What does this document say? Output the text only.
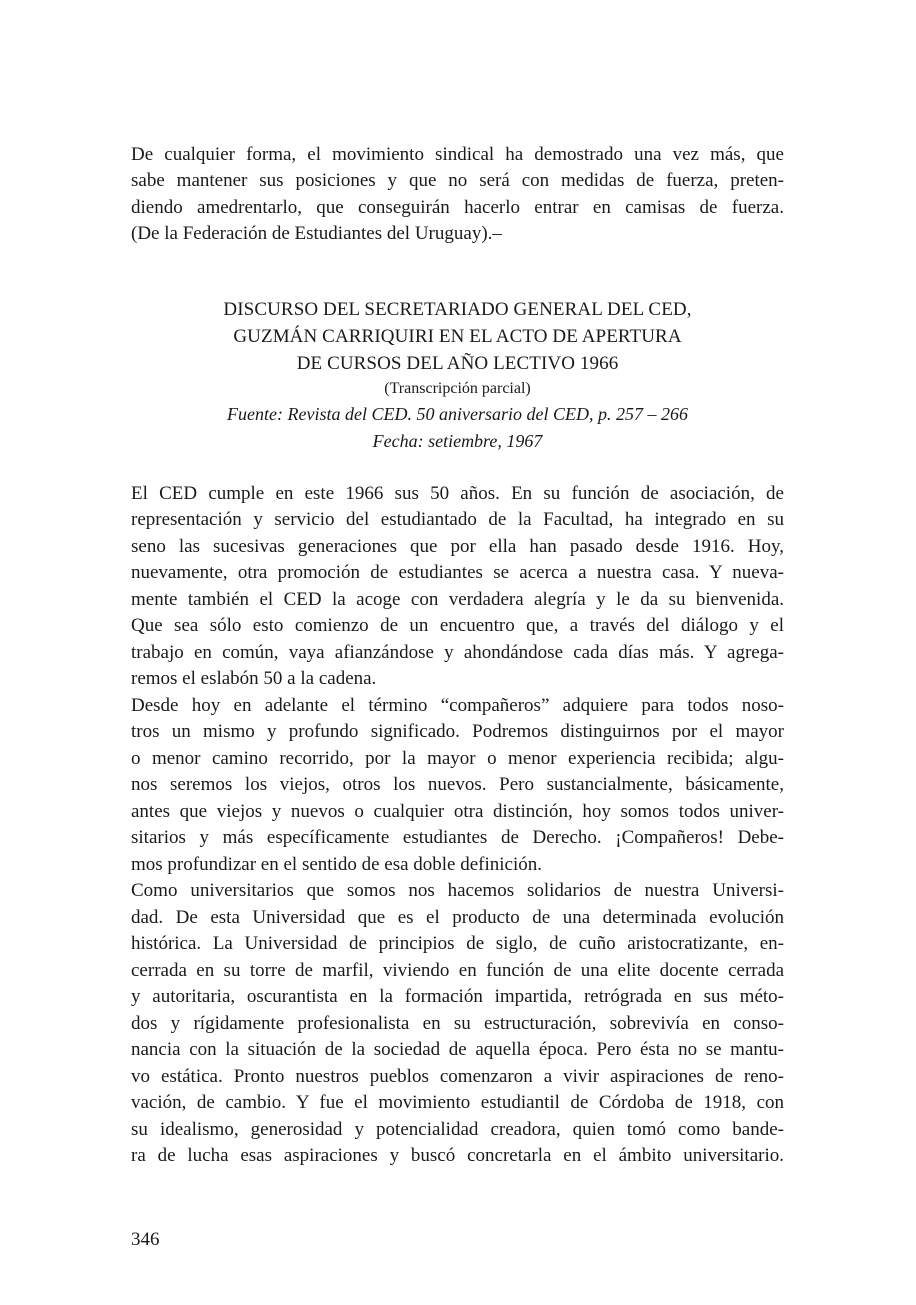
De cualquier forma, el movimiento sindical ha demostrado una vez más, que
sabe mantener sus posiciones y que no será con medidas de fuerza, preten-
diendo amedrentarlo, que conseguirán hacerlo entrar en camisas de fuerza.
(De la Federación de Estudiantes del Uruguay).–
DISCURSO DEL SECRETARIADO GENERAL DEL CED,
GUZMÁN CARRIQUIRI EN EL ACTO DE APERTURA
DE CURSOS DEL AÑO LECTIVO 1966
(Transcripción parcial)
Fuente: Revista del CED. 50 aniversario del CED, p. 257 – 266
Fecha: setiembre, 1967
El CED cumple en este 1966 sus 50 años. En su función de asociación, de
representación y servicio del estudiantado de la Facultad, ha integrado en su
seno las sucesivas generaciones que por ella han pasado desde 1916. Hoy,
nuevamente, otra promoción de estudiantes se acerca a nuestra casa. Y nueva-
mente también el CED la acoge con verdadera alegría y le da su bienvenida.
Que sea sólo esto comienzo de un encuentro que, a través del diálogo y el
trabajo en común, vaya afianzándose y ahondándose cada días más. Y agrega-
remos el eslabón 50 a la cadena.
Desde hoy en adelante el término “compañeros” adquiere para todos noso-
tros un mismo y profundo significado. Podremos distinguirnos por el mayor
o menor camino recorrido, por la mayor o menor experiencia recibida; algu-
nos seremos los viejos, otros los nuevos. Pero sustancialmente, básicamente,
antes que viejos y nuevos o cualquier otra distinción, hoy somos todos univer-
sitarios y más específicamente estudiantes de Derecho. ¡Compañeros! Debe-
mos profundizar en el sentido de esa doble definición.
Como universitarios que somos nos hacemos solidarios de nuestra Universi-
dad. De esta Universidad que es el producto de una determinada evolución
histórica. La Universidad de principios de siglo, de cuño aristocratizante, en-
cerrada en su torre de marfil, viviendo en función de una elite docente cerrada
y autoritaria, oscurantista en la formación impartida, retrógrada en sus méto-
dos y rígidamente profesionalista en su estructuración, sobrevivía en conso-
nancia con la situación de la sociedad de aquella época. Pero ésta no se mantu-
vo estática. Pronto nuestros pueblos comenzaron a vivir aspiraciones de reno-
vación, de cambio. Y fue el movimiento estudiantil de Córdoba de 1918, con
su idealismo, generosidad y potencialidad creadora, quien tomó como bande-
ra de lucha esas aspiraciones y buscó concretarla en el ámbito universitario.
346
